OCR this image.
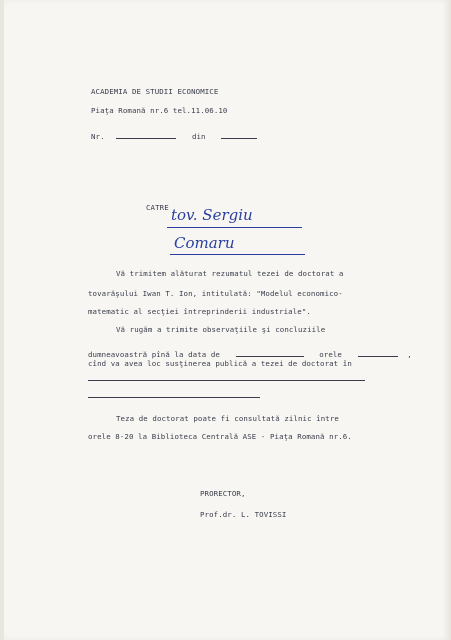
ACADEMIA DE STUDII ECONOMICE

Piaţa Romană nr.6 tel.11.06.10

Nr.	din

CATRE tov. Sergiu

Comaru

Vă trimitem alăturat rezumatul tezei de doctorat a

tovarăşului Iwan T. Ion, intitulată: "Modelul economico-

matematic al secţiei întreprinderii industriale".

Vă rugăm a trimite observaţiile şi concluziile

dumneavoastră pînă la data de	orele	,

cînd va avea loc susţinerea publică a tezei de doctorat în

Teza de doctorat poate fi consultată zilnic între

orele 8-20 la Biblioteca Centrală ASE - Piaţa Romană nr.6.

PRORECTOR,

Prof.dr. L. TOVISSI
